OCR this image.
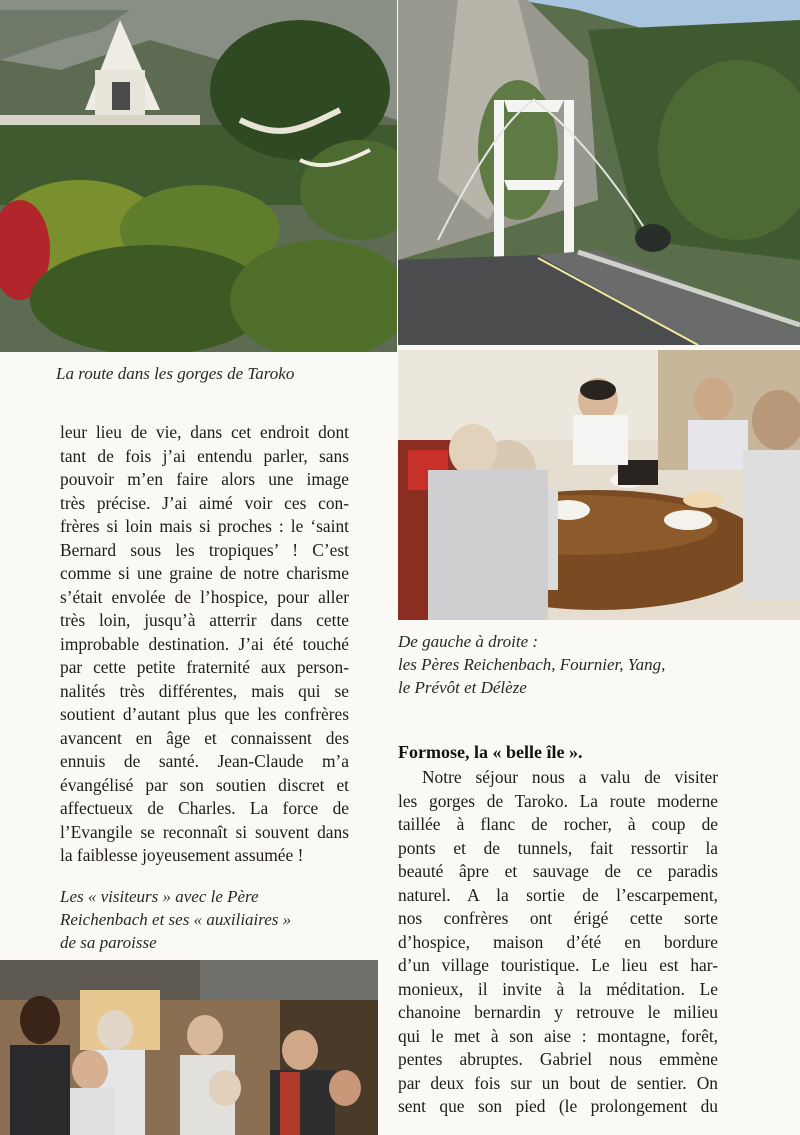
La route dans les gorges de Taroko

leur lieu de vie, dans cet endroit dont
tant de fois j’ai entendu parler, sans
pouvoir m’en faire alors une image
très précise. J’ai aimé voir ces con-
frères si loin mais si proches : le ‘saint
Bernard sous les tropiques’ ! C’est
comme si une graine de notre charisme
s’était envolée de l’hospice, pour aller
très loin, jusqu’à atterrir dans cette
improbable destination. J’ai été touché
par cette petite fraternité aux person-
nalités très différentes, mais qui se
soutient d’autant plus que les confrères
avancent en âge et connaissent des
ennuis de santé. Jean-Claude m’a
évangélisé par son soutien discret et
affectueux de Charles. La force de
l’Evangile se reconnaît si souvent dans
la faiblesse joyeusement assumée !

Les « visiteurs » avec le Père
Reichenbach et ses « auxiliaires »
de sa paroisse

De gauche à droite :
les Pères Reichenbach, Fournier, Yang,
le Prévôt et Délèze

Formose, la « belle île ».
Notre séjour nous a valu de visiter
les gorges de Taroko. La route moderne
taillée à flanc de rocher, à coup de
ponts et de tunnels, fait ressortir la
beauté âpre et sauvage de ce paradis
naturel. A la sortie de l’escarpement,
nos confrères ont érigé cette sorte
d’hospice, maison d’été en bordure
d’un village touristique. Le lieu est har-
monieux, il invite à la méditation. Le
chanoine bernardin y retrouve le milieu
qui le met à son aise : montagne, forêt,
pentes abruptes. Gabriel nous emmène
par deux fois sur un bout de sentier. On
sent que son pied (le prolongement du
